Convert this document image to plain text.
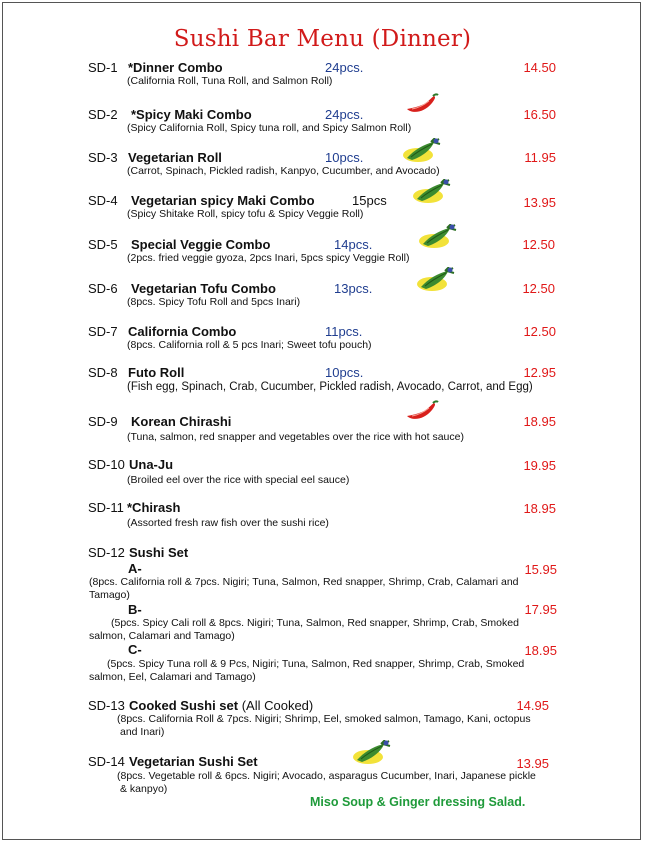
Sushi Bar Menu (Dinner)
SD-1 *Dinner Combo	24pcs.	14.50
(California Roll, Tuna Roll, and Salmon Roll)
SD-2 *Spicy Maki Combo	24pcs.	16.50
(Spicy California Roll, Spicy tuna roll, and Spicy Salmon Roll)
SD-3 Vegetarian Roll	10pcs.	11.95
(Carrot, Spinach, Pickled radish, Kanpyo, Cucumber, and Avocado)
SD-4 Vegetarian spicy Maki Combo	15pcs	13.95
(Spicy Shitake Roll, spicy tofu & Spicy Veggie Roll)
SD-5 Special Veggie Combo	14pcs.	12.50
(2pcs. fried veggie gyoza, 2pcs Inari, 5pcs spicy Veggie Roll)
SD-6 Vegetarian Tofu Combo	13pcs.	12.50
(8pcs. Spicy Tofu Roll and 5pcs Inari)
SD-7 California Combo	11pcs.	12.50
(8pcs. California roll & 5 pcs Inari; Sweet tofu pouch)
SD-8 Futo Roll	10pcs.	12.95
(Fish egg, Spinach, Crab, Cucumber, Pickled radish, Avocado, Carrot, and Egg)
SD-9 Korean Chirashi	18.95
(Tuna, salmon, red snapper and vegetables over the rice with hot sauce)
SD-10 Una-Ju	19.95
(Broiled eel over the rice with special eel sauce)
SD-11 *Chirash	18.95
(Assorted fresh raw fish over the sushi rice)
SD-12 Sushi Set
A-	15.95
(8pcs. California roll & 7pcs. Nigiri; Tuna, Salmon, Red snapper, Shrimp, Crab, Calamari and
Tamago)
B-	17.95
(5pcs. Spicy Cali roll & 8pcs. Nigiri; Tuna, Salmon, Red snapper, Shrimp, Crab, Smoked
salmon, Calamari and Tamago)
C-	18.95
(5pcs. Spicy Tuna roll & 9 Pcs, Nigiri; Tuna, Salmon, Red snapper, Shrimp, Crab, Smoked
salmon, Eel, Calamari and Tamago)
SD-13 Cooked Sushi set (All Cooked)	14.95
(8pcs. California Roll & 7pcs. Nigiri; Shrimp, Eel, smoked salmon, Tamago, Kani, octopus
and Inari)
SD-14 Vegetarian Sushi Set	13.95
(8pcs. Vegetable roll & 6pcs. Nigiri; Avocado, asparagus Cucumber, Inari, Japanese pickle
& kanpyo)
Miso Soup & Ginger dressing Salad.
